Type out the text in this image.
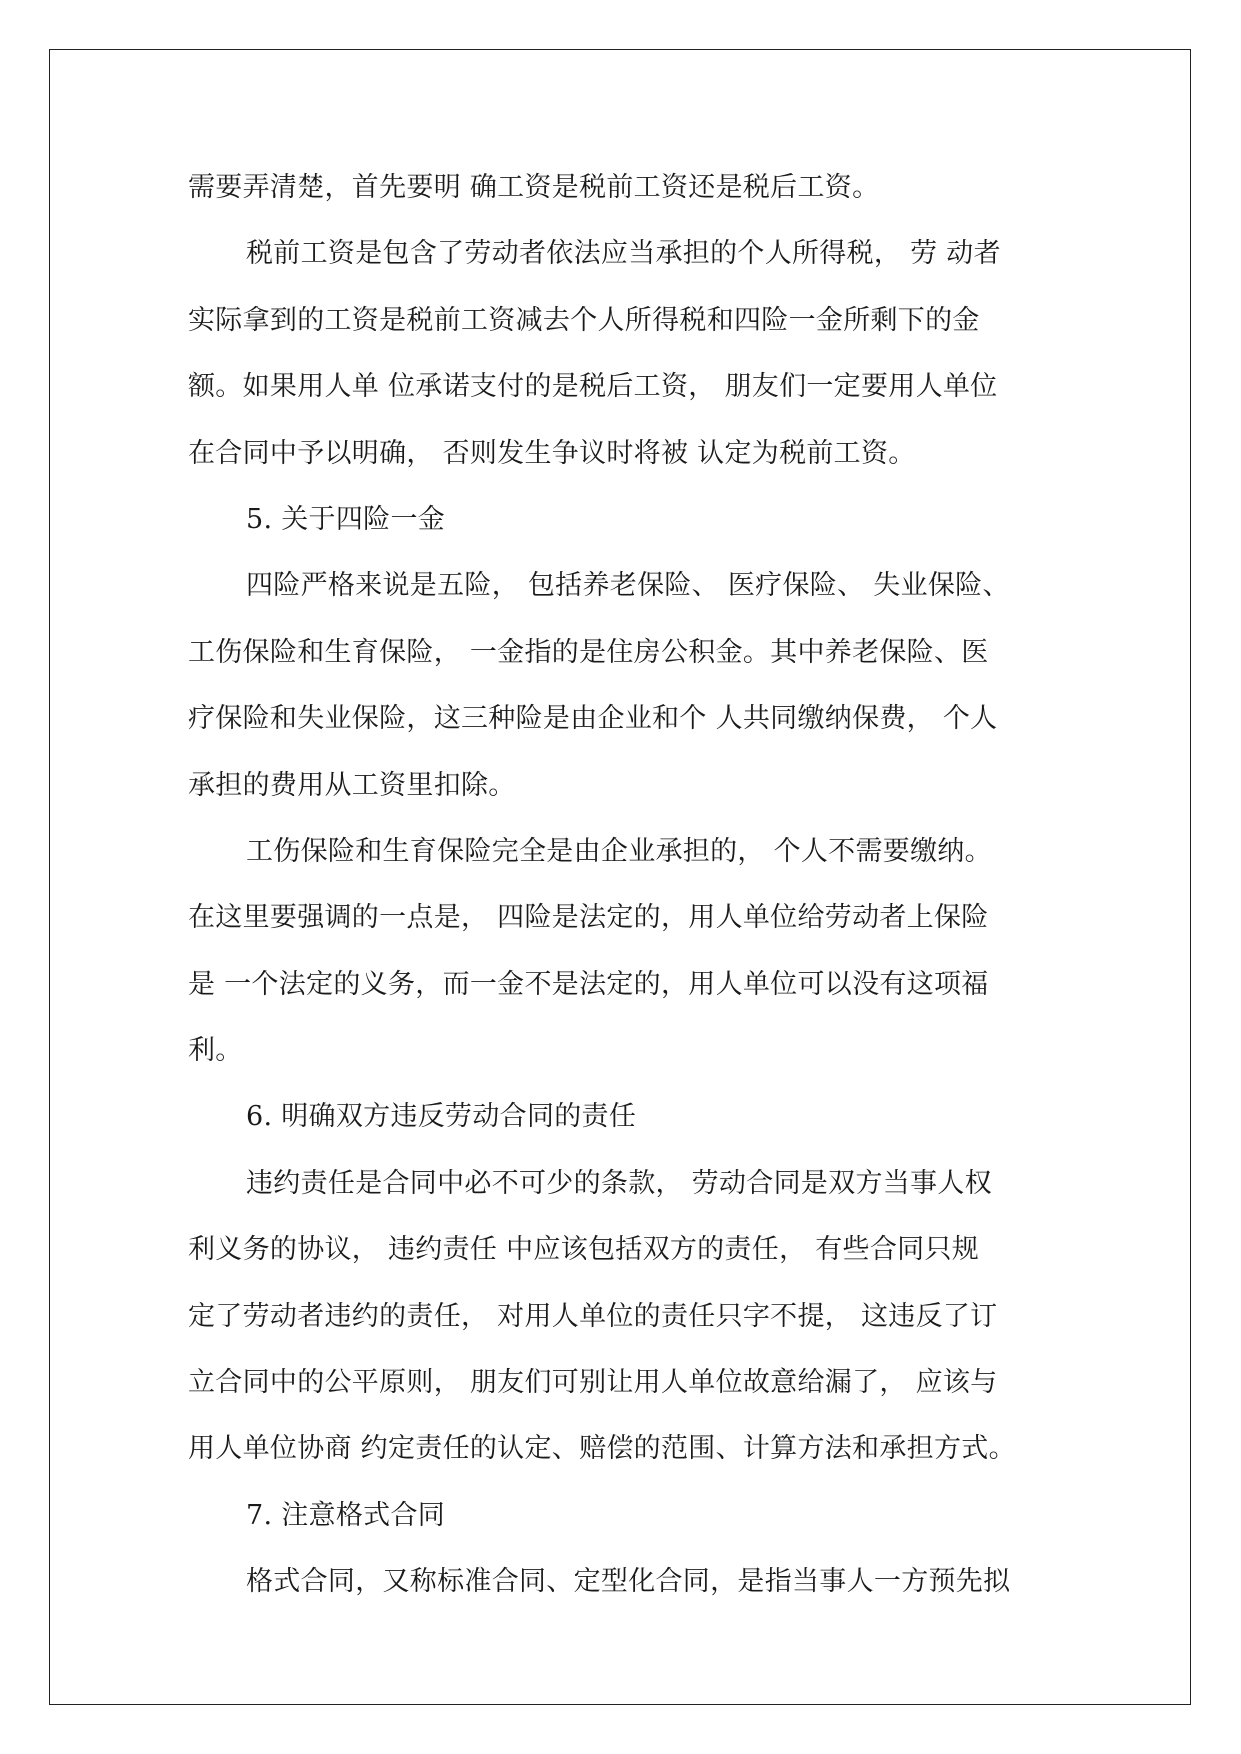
需要弄清楚，首先要明 确工资是税前工资还是税后工资。
税前工资是包含了劳动者依法应当承担的个人所得税， 劳 动者
实际拿到的工资是税前工资减去个人所得税和四险一金所剩下的金
额。如果用人单 位承诺支付的是税后工资， 朋友们一定要用人单位
在合同中予以明确， 否则发生争议时将被 认定为税前工资。
5. 关于四险一金
四险严格来说是五险， 包括养老保险、 医疗保险、 失业保险、
工伤保险和生育保险， 一金指的是住房公积金。其中养老保险、医
疗保险和失业保险，这三种险是由企业和个 人共同缴纳保费， 个人
承担的费用从工资里扣除。
工伤保险和生育保险完全是由企业承担的， 个人不需要缴纳。
在这里要强调的一点是， 四险是法定的，用人单位给劳动者上保险
是 一个法定的义务，而一金不是法定的，用人单位可以没有这项福
利。
6. 明确双方违反劳动合同的责任
违约责任是合同中必不可少的条款， 劳动合同是双方当事人权
利义务的协议， 违约责任 中应该包括双方的责任， 有些合同只规
定了劳动者违约的责任， 对用人单位的责任只字不提， 这违反了订
立合同中的公平原则， 朋友们可别让用人单位故意给漏了， 应该与
用人单位协商 约定责任的认定、赔偿的范围、计算方法和承担方式。
7. 注意格式合同
格式合同，又称标准合同、定型化合同，是指当事人一方预先拟
